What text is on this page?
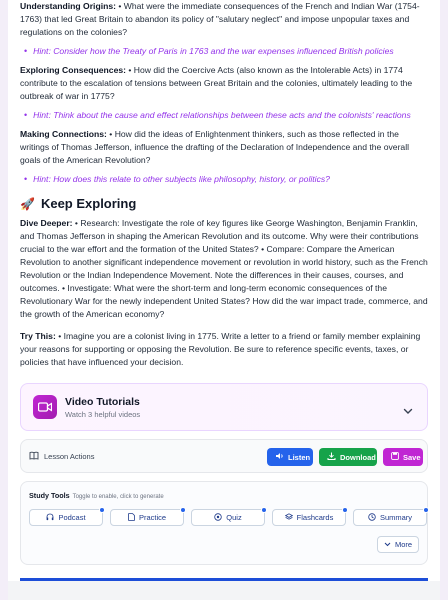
Understanding Origins: • What were the immediate consequences of the French and Indian War (1754-1763) that led Great Britain to abandon its policy of "salutary neglect" and impose unpopular taxes and regulations on the colonies?

• Hint: Consider how the Treaty of Paris in 1763 and the war expenses influenced British policies

Exploring Consequences: • How did the Coercive Acts (also known as the Intolerable Acts) in 1774 contribute to the escalation of tensions between Great Britain and the colonies, ultimately leading to the outbreak of war in 1775?

• Hint: Think about the cause and effect relationships between these acts and the colonists' reactions

Making Connections: • How did the ideas of Enlightenment thinkers, such as those reflected in the writings of Thomas Jefferson, influence the drafting of the Declaration of Independence and the overall goals of the American Revolution?

• Hint: How does this relate to other subjects like philosophy, history, or politics?
🚀 Keep Exploring

Dive Deeper: • Research: Investigate the role of key figures like George Washington, Benjamin Franklin, and Thomas Jefferson in shaping the American Revolution and its outcome. Why were their contributions crucial to the war effort and the formation of the United States? • Compare: Compare the American Revolution to another significant independence movement or revolution in world history, such as the French Revolution or the Indian Independence Movement. Note the differences in their causes, courses, and outcomes. • Investigate: What were the short-term and long-term economic consequences of the Revolutionary War for the newly independent United States? How did the war impact trade, commerce, and the growth of the American economy?

Try This: • Imagine you are a colonist living in 1775. Write a letter to a friend or family member explaining your reasons for supporting or opposing the Revolution. Be sure to reference specific events, taxes, or policies that have influenced your decision.

Video Tutorials
Watch 3 helpful videos
Lesson Actions	Listen	Download	Save
Study Tools Toggle to enable, click to generate
Podcast	Practice	Quiz	Flashcards	Summary
More
